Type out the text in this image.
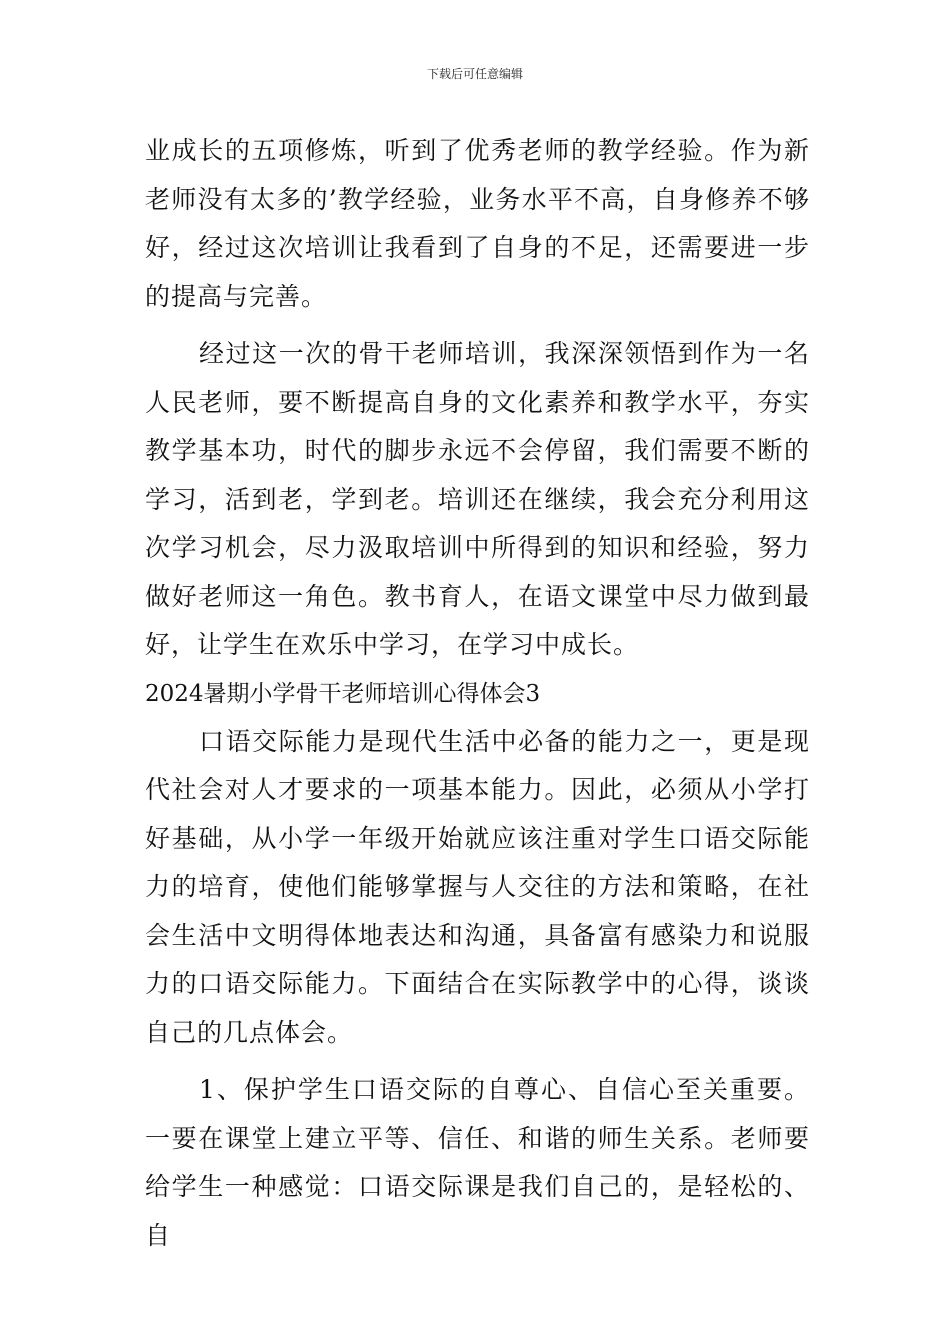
下载后可任意编辑

业成长的五项修炼，听到了优秀老师的教学经验。作为新老师没有太多的’教学经验，业务水平不高，自身修养不够好，经过这次培训让我看到了自身的不足，还需要进一步的提高与完善。

经过这一次的骨干老师培训，我深深领悟到作为一名人民老师，要不断提高自身的文化素养和教学水平，夯实教学基本功，时代的脚步永远不会停留，我们需要不断的学习，活到老，学到老。培训还在继续，我会充分利用这次学习机会，尽力汲取培训中所得到的知识和经验，努力做好老师这一角色。教书育人，在语文课堂中尽力做到最好，让学生在欢乐中学习，在学习中成长。

2024暑期小学骨干老师培训心得体会3

口语交际能力是现代生活中必备的能力之一，更是现代社会对人才要求的一项基本能力。因此，必须从小学打好基础，从小学一年级开始就应该注重对学生口语交际能力的培育，使他们能够掌握与人交往的方法和策略，在社会生活中文明得体地表达和沟通，具备富有感染力和说服力的口语交际能力。下面结合在实际教学中的心得，谈谈自己的几点体会。

1、保护学生口语交际的自尊心、自信心至关重要。一要在课堂上建立平等、信任、和谐的师生关系。老师要给学生一种感觉：口语交际课是我们自己的，是轻松的、自
